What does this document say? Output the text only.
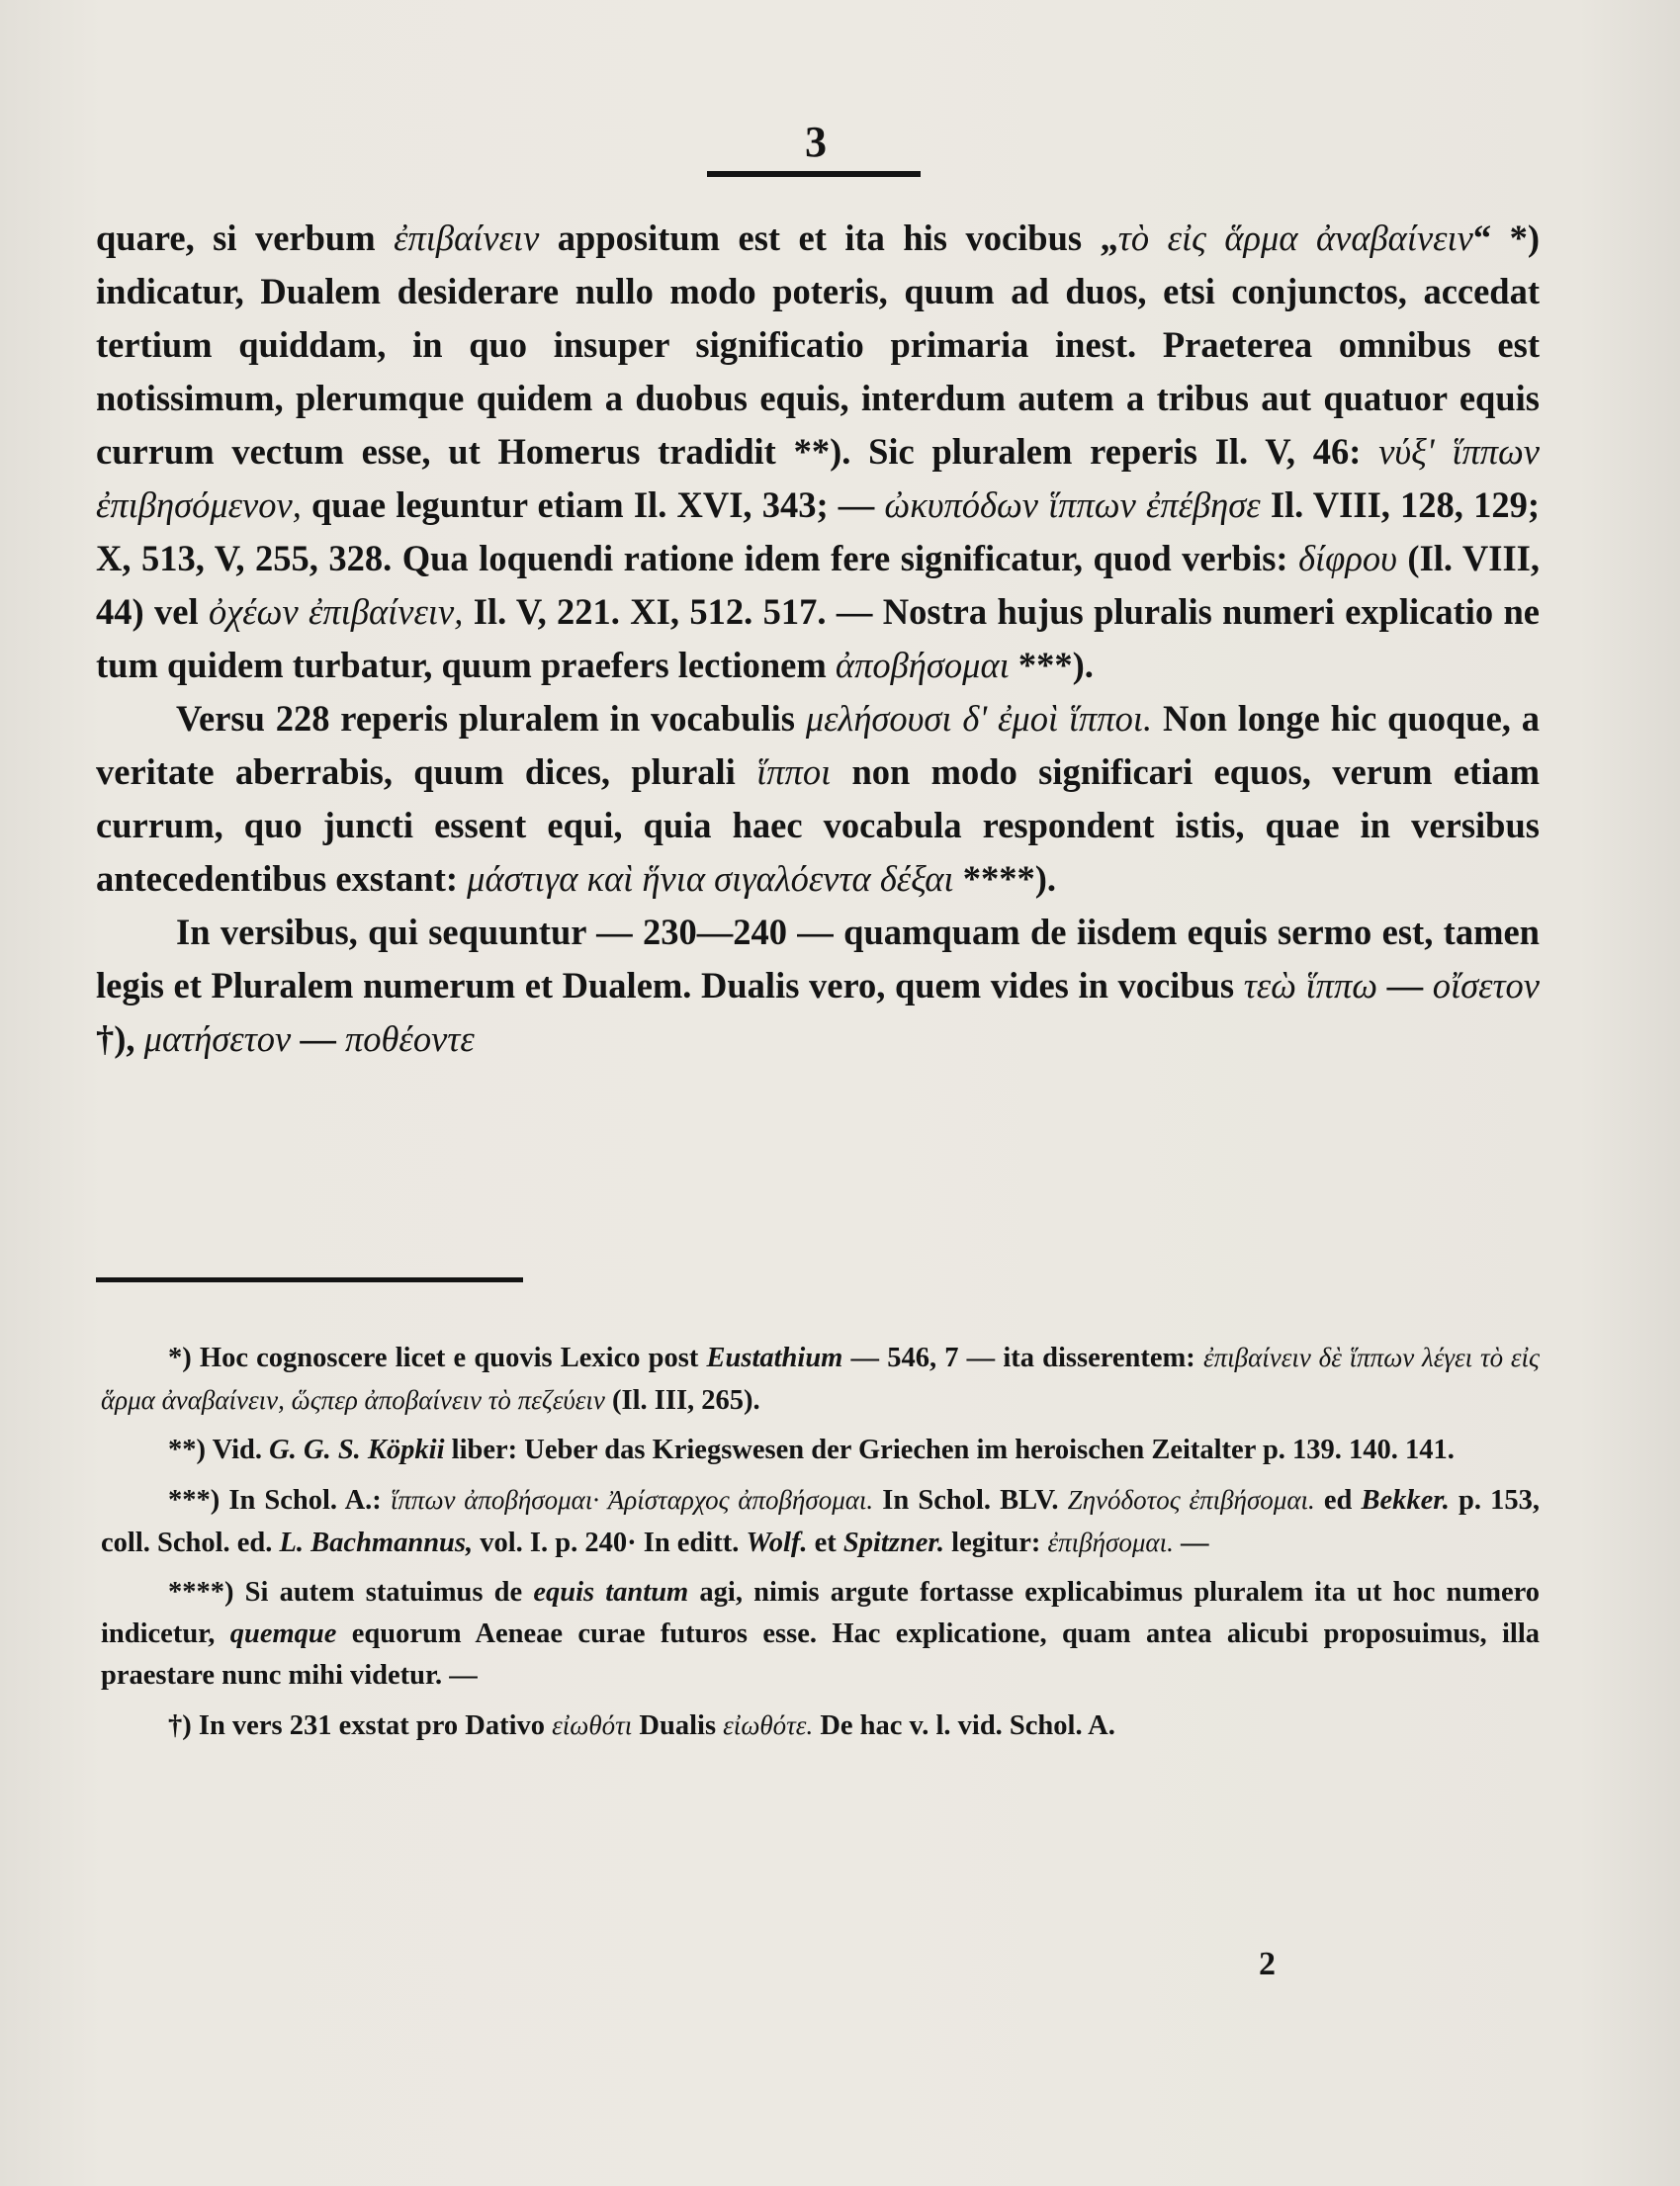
3

quare, si verbum ἐπιβαίνειν appositum est et ita his vocibus „τὸ εἰς ἅρμα ἀναβαίνειν“ *) indicatur, Dualem desiderare nullo modo poteris, quum ad duos, etsi conjunctos, accedat tertium quiddam, in quo insuper significatio primaria inest. Praeterea omnibus est notissimum, plerumque quidem a duobus equis, interdum autem a tribus aut quatuor equis currum vectum esse, ut Homerus tradidit **). Sic pluralem reperis Il. V, 46: νύξ' ἵππων ἐπιβησόμενον, quae leguntur etiam Il. XVI, 343; — ὠκυπόδων ἵππων ἐπέβησε Il. VIII, 128, 129; X, 513, V, 255, 328. Qua loquendi ratione idem fere significatur, quod verbis: δίφρου (Il. VIII, 44) vel ὀχέων ἐπιβαίνειν, Il. V, 221. XI, 512. 517. — Nostra hujus pluralis numeri explicatio ne tum quidem turbatur, quum praefers lectionem ἀποβήσομαι ***).

Versu 228 reperis pluralem in vocabulis μελήσουσι δ' ἐμοὶ ἵπποι. Non longe hic quoque, a veritate aberrabis, quum dices, plurali ἵπποι non modo significari equos, verum etiam currum, quo juncti essent equi, quia haec vocabula respondent istis, quae in versibus antecedentibus exstant: μάστιγα καὶ ἥνια σιγαλόεντα δέξαι ****).

In versibus, qui sequuntur — 230—240 — quamquam de iisdem equis sermo est, tamen legis et Pluralem numerum et Dualem. Dualis vero, quem vides in vocibus τεὼ ἵππω — οἴσετον †), ματήσετον — ποθέοντε

*) Hoc cognoscere licet e quovis Lexico post Eustathium — 546, 7 — ita disserentem: ἐπιβαίνειν δὲ ἵππων λέγει τὸ εἰς ἅρμα ἀναβαίνειν, ὥςπερ ἀποβαίνειν τὸ πεζεύειν (Il. III, 265).

**) Vid. G. G. S. Köpkii liber: Ueber das Kriegswesen der Griechen im heroischen Zeitalter p. 139. 140. 141.

***) In Schol. A.: ἵππων ἀποβήσομαι· Ἀρίσταρχος ἀποβήσομαι. In Schol. BLV. Ζηνόδοτος ἐπιβήσομαι. ed Bekker. p. 153, coll. Schol. ed. L. Bachmannus, vol. I. p. 240· In editt. Wolf. et Spitzner. legitur: ἐπιβήσομαι. —

****) Si autem statuimus de equis tantum agi, nimis argute fortasse explicabimus pluralem ita ut hoc numero indicetur, quemque equorum Aeneae curae futuros esse. Hac explicatione, quam antea alicubi proposuimus, illa praestare nunc mihi videtur. —

†) In vers 231 exstat pro Dativo εἰωθότι Dualis εἰωθότε. De hac v. l. vid. Schol. A.

2
